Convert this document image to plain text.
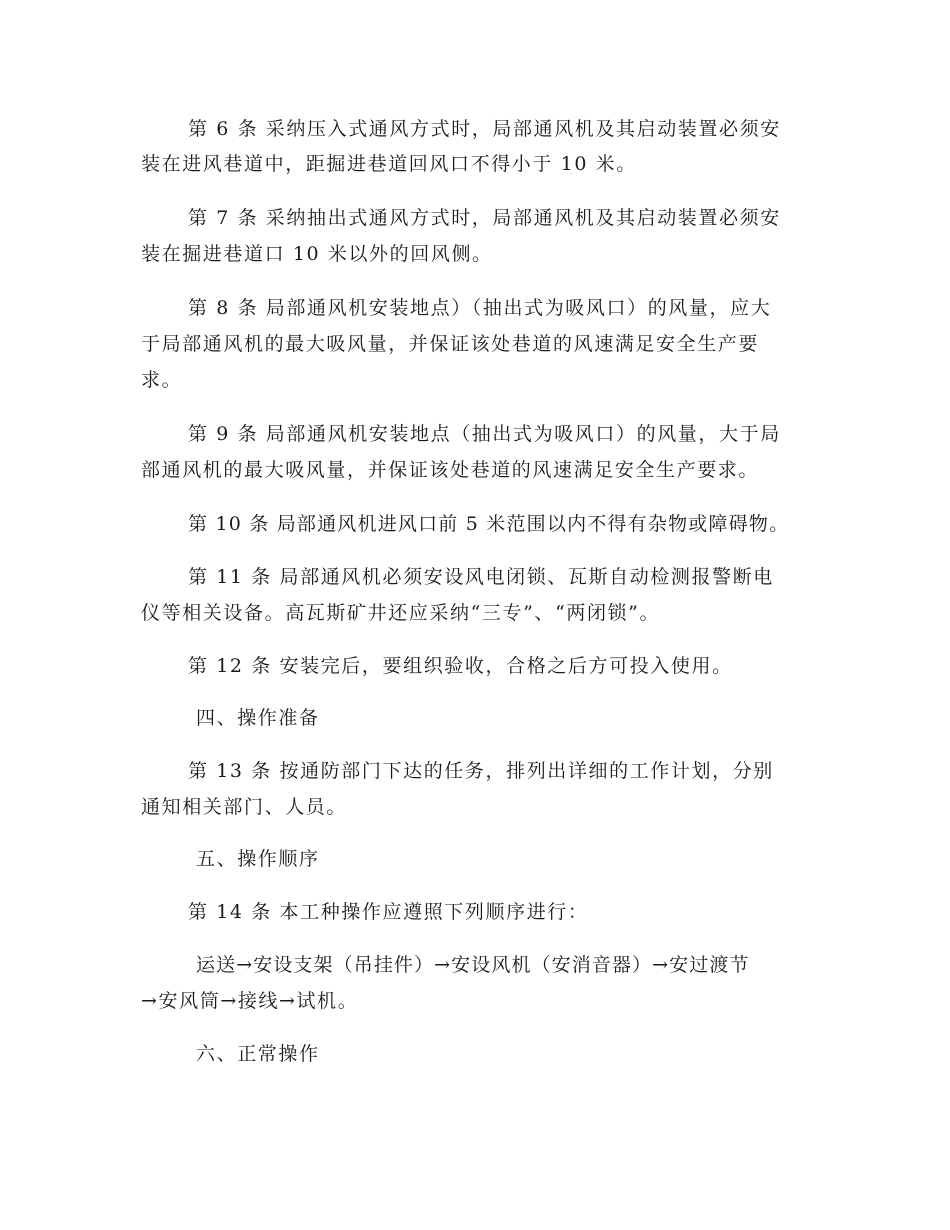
第 6 条 采纳压入式通风方式时，局部通风机及其启动装置必须安
装在进风巷道中，距掘进巷道回风口不得小于 10 米。
第 7 条 采纳抽出式通风方式时，局部通风机及其启动装置必须安
装在掘进巷道口 10 米以外的回风侧。
第 8 条 局部通风机安装地点）（抽出式为吸风口）的风量，应大
于局部通风机的最大吸风量，并保证该处巷道的风速满足安全生产要
求。
第 9 条 局部通风机安装地点（抽出式为吸风口）的风量，大于局
部通风机的最大吸风量，并保证该处巷道的风速满足安全生产要求。
第 10 条 局部通风机进风口前 5 米范围以内不得有杂物或障碍物。
第 11 条 局部通风机必须安设风电闭锁、瓦斯自动检测报警断电
仪等相关设备。高瓦斯矿井还应采纳“三专”、“两闭锁”。
第 12 条 安装完后，要组织验收，合格之后方可投入使用。
四、操作准备
第 13 条 按通防部门下达的任务，排列出详细的工作计划，分别
通知相关部门、人员。
五、操作顺序
第 14 条 本工种操作应遵照下列顺序进行：
运送→安设支架（吊挂件）→安设风机（安消音器）→安过渡节
→安风筒→接线→试机。
六、正常操作
